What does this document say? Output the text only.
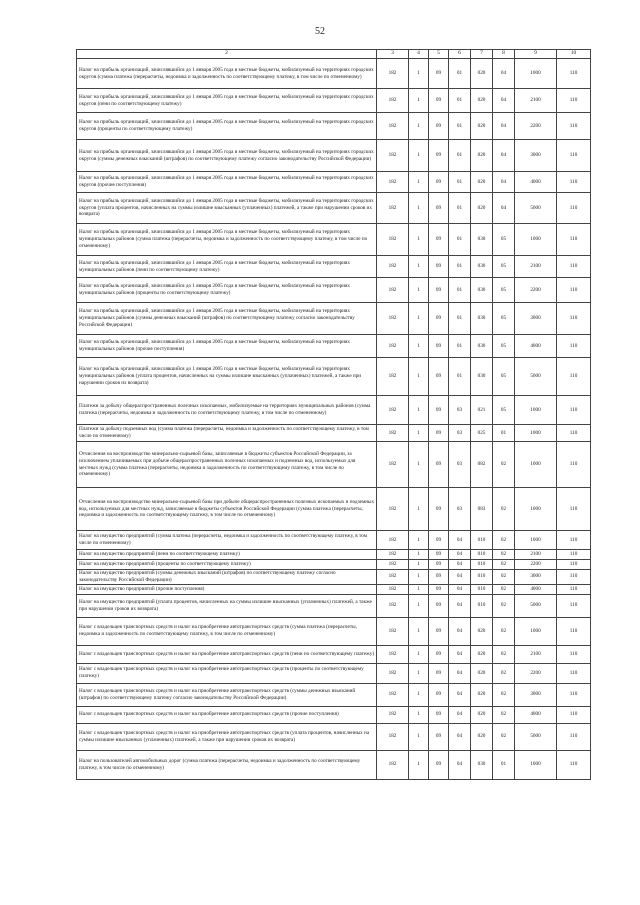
52
	2	3	4	5	6	7	8	9	10
	Налог на прибыль организаций, зачислявшийся до 1 января 2005 года в местные бюджеты, мобилизуемый на территориях городских округов (сумма платежа (перерасчеты, недоимка и задолженность по соответствующему платежу, в том числе по отмененному)	182	1	09	01	020	04	1000	110
	Налог на прибыль организаций, зачислявшийся до 1 января 2005 года в местные бюджеты, мобилизуемый на территориях городских округов (пени по соответствующему платежу)	182	1	09	01	020	04	2100	110
	Налог на прибыль организаций, зачислявшийся до 1 января 2005 года в местные бюджеты, мобилизуемый на территориях городских округов (проценты по соответствующему платежу)	182	1	09	01	020	04	2200	110
	Налог на прибыль организаций, зачислявшийся до 1 января 2005 года в местные бюджеты, мобилизуемый на территориях городских округов (суммы денежных взысканий (штрафов) по соответствующему платежу согласно законодательству Российской Федерации)	182	1	09	01	020	04	3000	110
	Налог на прибыль организаций, зачислявшийся до 1 января 2005 года в местные бюджеты, мобилизуемый на территориях городских округов (прочие поступления)	182	1	09	01	020	04	4000	110
	Налог на прибыль организаций, зачислявшийся до 1 января 2005 года в местные бюджеты, мобилизуемый на территориях городских округов (уплата процентов, начисленных на суммы излишне взысканных (уплаченных) платежей, а также при нарушении сроков их возврата)	182	1	09	01	020	04	5000	110
	Налог на прибыль организаций, зачислявшийся до 1 января 2005 года в местные бюджеты, мобилизуемый на территориях муниципальных районов (сумма платежа (перерасчеты, недоимка и задолженность по соответствующему платежу, в том числе по отмененному)	182	1	09	01	030	05	1000	110
	Налог на прибыль организаций, зачислявшийся до 1 января 2005 года в местные бюджеты, мобилизуемый на территориях муниципальных районов (пени по соответствующему платежу)	182	1	09	01	030	05	2100	110
	Налог на прибыль организаций, зачислявшийся до 1 января 2005 года в местные бюджеты, мобилизуемый на территориях муниципальных районов (проценты по соответствующему платежу)	182	1	09	01	030	05	2200	110
	Налог на прибыль организаций, зачислявшийся до 1 января 2005 года в местные бюджеты, мобилизуемый на территориях муниципальных районов (суммы денежных взысканий (штрафов) по соответствующему платежу согласно законодательству Российской Федерации)	182	1	09	01	030	05	3000	110
	Налог на прибыль организаций, зачислявшийся до 1 января 2005 года в местные бюджеты, мобилизуемый на территориях муниципальных районов (прочие поступления)	182	1	09	01	030	05	4000	110
	Налог на прибыль организаций, зачислявшийся до 1 января 2005 года в местные бюджеты, мобилизуемый на территориях муниципальных районов (уплата процентов, начисленных на суммы излишне взысканных (уплаченных) платежей, а также при нарушении сроков их возврата)	182	1	09	01	030	05	5000	110
	Платежи за добычу общераспространенных полезных ископаемых, мобилизуемые на территориях муниципальных районов (сумма платежа (перерасчеты, недоимка и задолженность по соответствующему платежу, в том числе по отмененному)	182	1	09	03	021	05	1000	110
	Платежи за добычу подземных вод (сумма платежа (перерасчеты, недоимка и задолженность по соответствующему платежу, в том числе по отмененному)	182	1	09	03	025	01	1000	110
	Отчисления на воспроизводство минерально-сырьевой базы, зачисляемые в бюджеты субъектов Российской Федерации, за исключением уплачиваемых при добыче общераспространенных полезных ископаемых и подземных вод, используемых для местных нужд (сумма платежа (перерасчеты, недоимка и задолженность по соответствующему платежу, в том числе по отмененному)	182	1	09	03	082	02	1000	110
	Отчисления на воспроизводство минерально-сырьевой базы при добыче общераспространенных полезных ископаемых и подземных вод, используемых для местных нужд, зачисляемые в бюджеты субъектов Российской Федерации (сумма платежа (перерасчеты, недоимка и задолженность по соответствующему платежу, в том числе по отмененному)	182	1	09	03	083	02	1000	110
	Налог на имущество предприятий (сумма платежа (перерасчеты, недоимка и задолженность по соответствующему платежу, в том числе по отмененному)	182	1	09	04	010	02	1000	110
	Налог на имущество предприятий (пени по соответствующему платежу)	182	1	09	04	010	02	2100	110
	Налог на имущество предприятий (проценты по соответствующему платежу)	182	1	09	04	010	02	2200	110
	Налог на имущество предприятий (суммы денежных взысканий (штрафов) по соответствующему платежу согласно законодательству Российской Федерации)	182	1	09	04	010	02	3000	110
	Налог на имущество предприятий (прочие поступления)	182	1	09	04	010	02	4000	110
	Налог на имущество предприятий (уплата процентов, начисленных на суммы излишне взысканных (уплаченных) платежей, а также при нарушении сроков их возврата)	182	1	09	04	010	02	5000	110
	Налог с владельцев транспортных средств и налог на приобретение автотранспортных средств (сумма платежа (перерасчеты, недоимка и задолженность по соответствующему платежу, в том числе по отмененному)	182	1	09	04	020	02	1000	110
	Налог с владельцев транспортных средств и налог на приобретение автотранспортных средств (пени по соответствующему платежу)	182	1	09	04	020	02	2100	110
	Налог с владельцев транспортных средств и налог на приобретение автотранспортных средств (проценты по соответствующему платежу)	182	1	09	04	020	02	2200	110
	Налог с владельцев транспортных средств и налог на приобретение автотранспортных средств (суммы денежных взысканий (штрафов) по соответствующему платежу согласно законодательству Российской Федерации)	182	1	09	04	020	02	3000	110
	Налог с владельцев транспортных средств и налог на приобретение автотранспортных средств (прочие поступления)	182	1	09	04	020	02	4000	110
	Налог с владельцев транспортных средств и налог на приобретение автотранспортных средств (уплата процентов, начисленных на суммы излишне взысканных (уплаченных) платежей, а также при нарушении сроков их возврата)	182	1	09	04	020	02	5000	110
	Налог на пользователей автомобильных дорог (сумма платежа (перерасчеты, недоимка и задолженность по соответствующему платежу, в том числе по отмененному)	182	1	09	04	030	01	1000	110
